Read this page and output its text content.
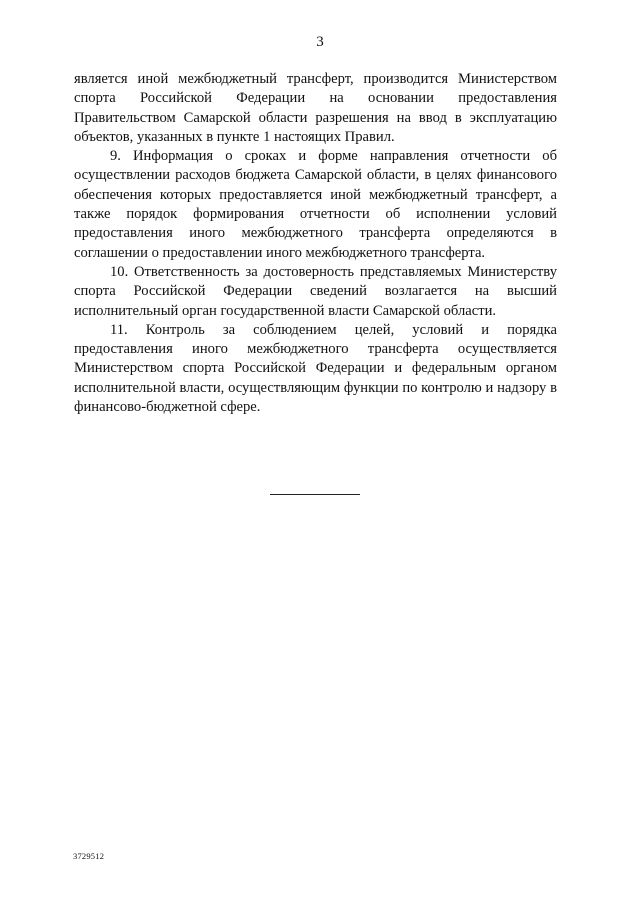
3

является иной межбюджетный трансферт, производится Министерством спорта Российской Федерации на основании предоставления Правительством Самарской области разрешения на ввод в эксплуатацию объектов, указанных в пункте 1 настоящих Правил.

9. Информация о сроках и форме направления отчетности об осуществлении расходов бюджета Самарской области, в целях финансового обеспечения которых предоставляется иной межбюджетный трансферт, а также порядок формирования отчетности об исполнении условий предоставления иного межбюджетного трансферта определяются в соглашении о предоставлении иного межбюджетного трансферта.

10. Ответственность за достоверность представляемых Министерству спорта Российской Федерации сведений возлагается на высший исполнительный орган государственной власти Самарской области.

11. Контроль за соблюдением целей, условий и порядка предоставления иного межбюджетного трансферта осуществляется Министерством спорта Российской Федерации и федеральным органом исполнительной власти, осуществляющим функции по контролю и надзору в финансово-бюджетной сфере.

3729512
